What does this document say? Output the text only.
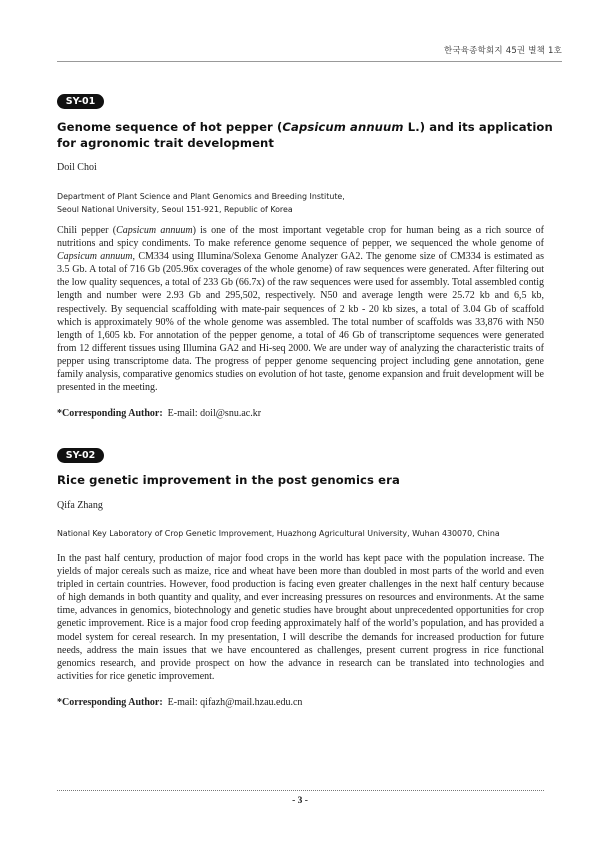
한국육종학회지 45권 별책 1호
SY-01
Genome sequence of hot pepper (Capsicum annuum L.) and its application for agronomic trait development
Doil Choi
Department of Plant Science and Plant Genomics and Breeding Institute,
Seoul National University, Seoul 151-921, Republic of Korea
Chili pepper (Capsicum annuum) is one of the most important vegetable crop for human being as a rich source of nutritions and spicy condiments. To make reference genome sequence of pepper, we sequenced the whole genome of Capsicum annuum, CM334 using Illumina/Solexa Genome Analyzer GA2. The genome size of CM334 is estimated as 3.5 Gb. A total of 716 Gb (205.96x coverages of the whole genome) of raw sequences were generated. After filtering out the low quality sequences, a total of 233 Gb (66.7x) of the raw sequences were used for assembly. Total assembled contig length and number were 2.93 Gb and 295,502, respectively. N50 and average length were 25.72 kb and 6,5 kb, respectively. By sequencial scaffolding with mate-pair sequences of 2 kb - 20 kb sizes, a total of 3.04 Gb of scaffold which is approximately 90% of the whole genome was assembled. The total number of scaffolds was 33,876 with N50 length of 1,605 kb. For annotation of the pepper genome, a total of 46 Gb of transcriptome sequences were generated from 12 different tissues using Illumina GA2 and Hi-seq 2000. We are under way of analyzing the characteristic traits of pepper using transcriptome data. The progress of pepper genome sequencing project including gene annotation, gene family analysis, comparative genomics studies on evolution of hot taste, genome expansion and fruit development will be presented in the meeting.
*Corresponding Author: E-mail: doil@snu.ac.kr
SY-02
Rice genetic improvement in the post genomics era
Qifa Zhang
National Key Laboratory of Crop Genetic Improvement, Huazhong Agricultural University, Wuhan 430070, China
In the past half century, production of major food crops in the world has kept pace with the population increase. The yields of major cereals such as maize, rice and wheat have been more than doubled in most parts of the world and even tripled in certain countries. However, food production is facing even greater challenges in the next half century because of high demands in both quantity and quality, and ever increasing pressures on resources and environments. At the same time, advances in genomics, biotechnology and genetic studies have brought about unprecedented opportunities for crop genetic improvement. Rice is a major food crop feeding approximately half of the world’s population, and has provided a model system for cereal research. In my presentation, I will describe the demands for increased production for future needs, address the main issues that we have encountered as challenges, present current progress in rice functional genomics research, and provide prospect on how the advance in research can be translated into technologies and activities for rice genetic improvement.
*Corresponding Author: E-mail: qifazh@mail.hzau.edu.cn
- 3 -
